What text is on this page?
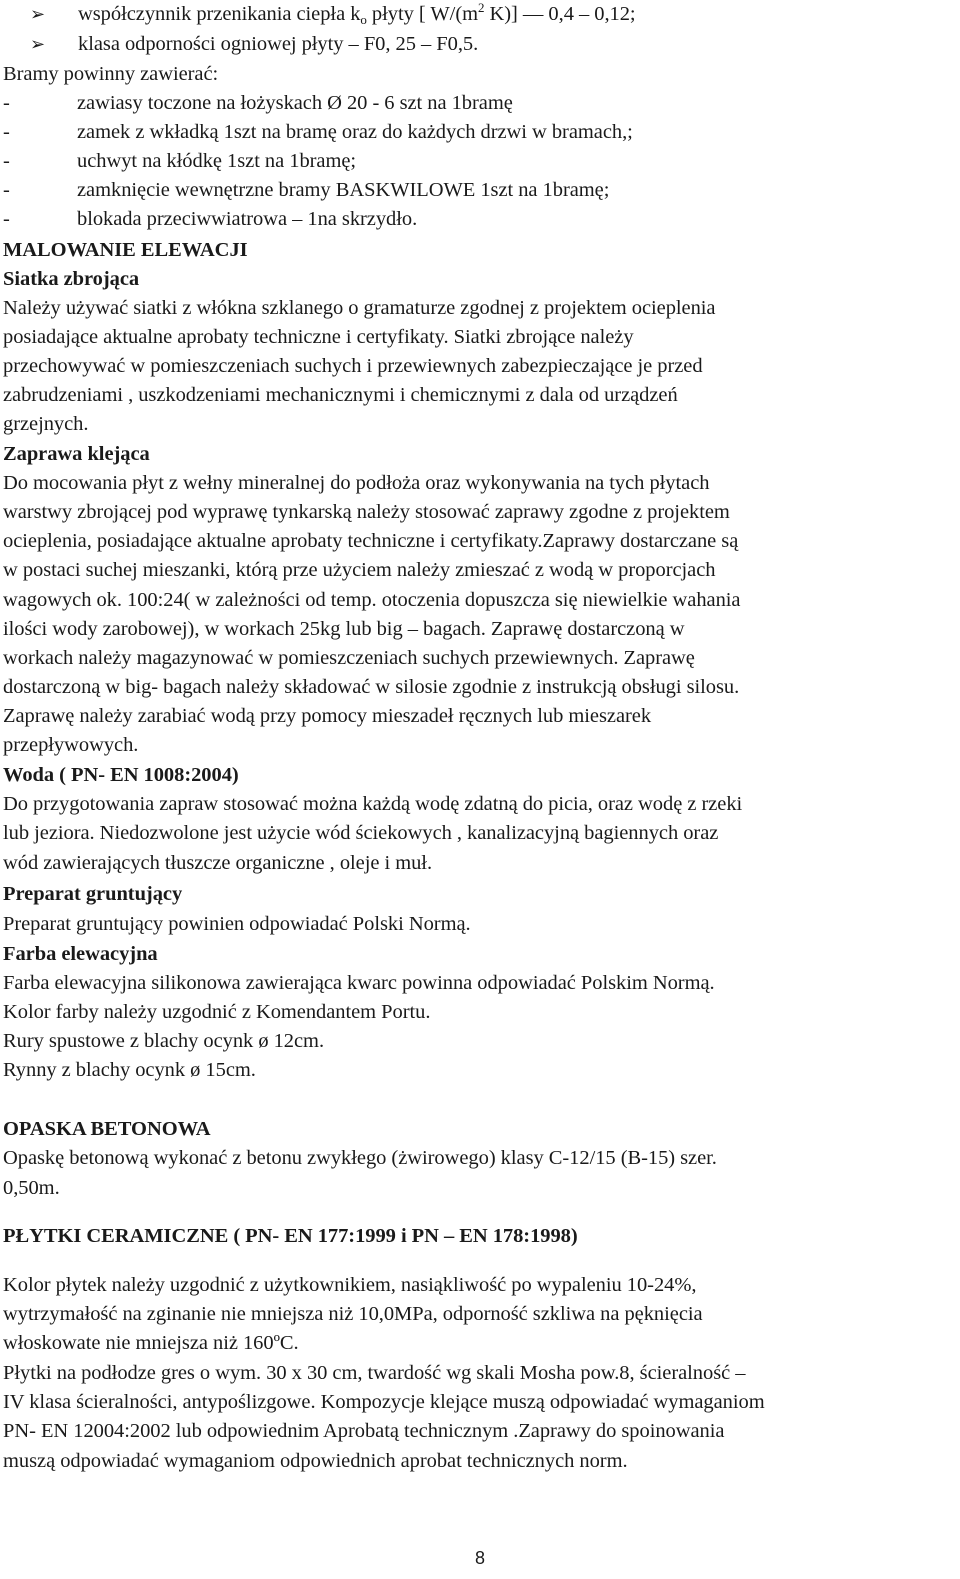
➢ współczynnik przenikania ciepła $k_o$ płyty [ $W/(m^2$ K)] — 0,4 – 0,12;
➢ klasa odporności ogniowej płyty – F0, 25 – F0,5.
Bramy powinny zawierać:
-	zawiasy toczone na łożyskach Ø 20 - 6 szt na 1bramę
-	zamek z wkładką 1szt na bramę oraz do każdych drzwi w bramach,;
-	uchwyt na kłódkę 1szt na 1bramę;
-	zamknięcie wewnętrzne bramy BASKWILOWE 1szt na 1bramę;
-	blokada przeciwwiatrowa – 1na skrzydło.
MALOWANIE ELEWACJI
Siatka zbrojąca
Należy używać siatki z włókna szklanego o gramaturze zgodnej z projektem ocieplenia
posiadające aktualne aprobaty techniczne i certyfikaty. Siatki zbrojące należy
przechowywać w pomieszczeniach suchych i przewiewnych zabezpieczające je przed
zabrudzeniami , uszkodzeniami mechanicznymi i chemicznymi z dala od urządzeń
grzejnych.
Zaprawa klejąca
Do mocowania płyt z wełny mineralnej do podłoża oraz wykonywania na tych płytach
warstwy zbrojącej pod wyprawę tynkarską należy stosować zaprawy zgodne z projektem
ocieplenia, posiadające aktualne aprobaty techniczne i certyfikaty.Zaprawy dostarczane są
w postaci suchej mieszanki, którą prze użyciem należy zmieszać z wodą w proporcjach
wagowych ok. 100:24( w zależności od temp. otoczenia dopuszcza się niewielkie wahania
ilości wody zarobowej), w workach 25kg lub big – bagach. Zaprawę dostarczoną w
workach należy magazynować w pomieszczeniach suchych przewiewnych. Zaprawę
dostarczoną w big- bagach należy składować w silosie zgodnie z instrukcją obsługi silosu.
Zaprawę należy zarabiać wodą przy pomocy mieszadeł ręcznych lub mieszarek
przepływowych.
Woda ( PN- EN 1008:2004)
Do przygotowania zapraw stosować można każdą wodę zdatną do picia, oraz wodę z rzeki
lub jeziora. Niedozwolone jest użycie wód ściekowych , kanalizacyjną bagiennych oraz
wód zawierających tłuszcze organiczne , oleje i muł.
Preparat gruntujący
Preparat gruntujący powinien odpowiadać Polski Normą.
Farba elewacyjna
Farba elewacyjna silikonowa zawierająca kwarc powinna odpowiadać Polskim Normą.
Kolor farby należy uzgodnić z Komendantem Portu.
Rury spustowe z blachy ocynk ø 12cm.
Rynny z blachy ocynk ø 15cm.
OPASKA BETONOWA
Opaskę betonową wykonać z betonu zwykłego (żwirowego) klasy C-12/15 (B-15) szer.
0,50m.
PŁYTKI CERAMICZNE ( PN- EN 177:1999 i PN – EN 178:1998)
Kolor płytek należy uzgodnić z użytkownikiem, nasiąkliwość po wypaleniu 10-24%,
wytrzymałość na zginanie nie mniejsza niż 10,0MPa, odporność szkliwa na pęknięcia
włoskowate nie mniejsza niż 160ºC.
Płytki na podłodze gres o wym. 30 x 30 cm, twardość wg skali Mosha pow.8, ścieralność –
IV klasa ścieralności, antypoślizgowe. Kompozycje klejące muszą odpowiadać wymaganiom
PN- EN 12004:2002 lub odpowiednim Aprobatą technicznym .Zaprawy do spoinowania
muszą odpowiadać wymaganiom odpowiednich aprobat technicznych norm.
8
